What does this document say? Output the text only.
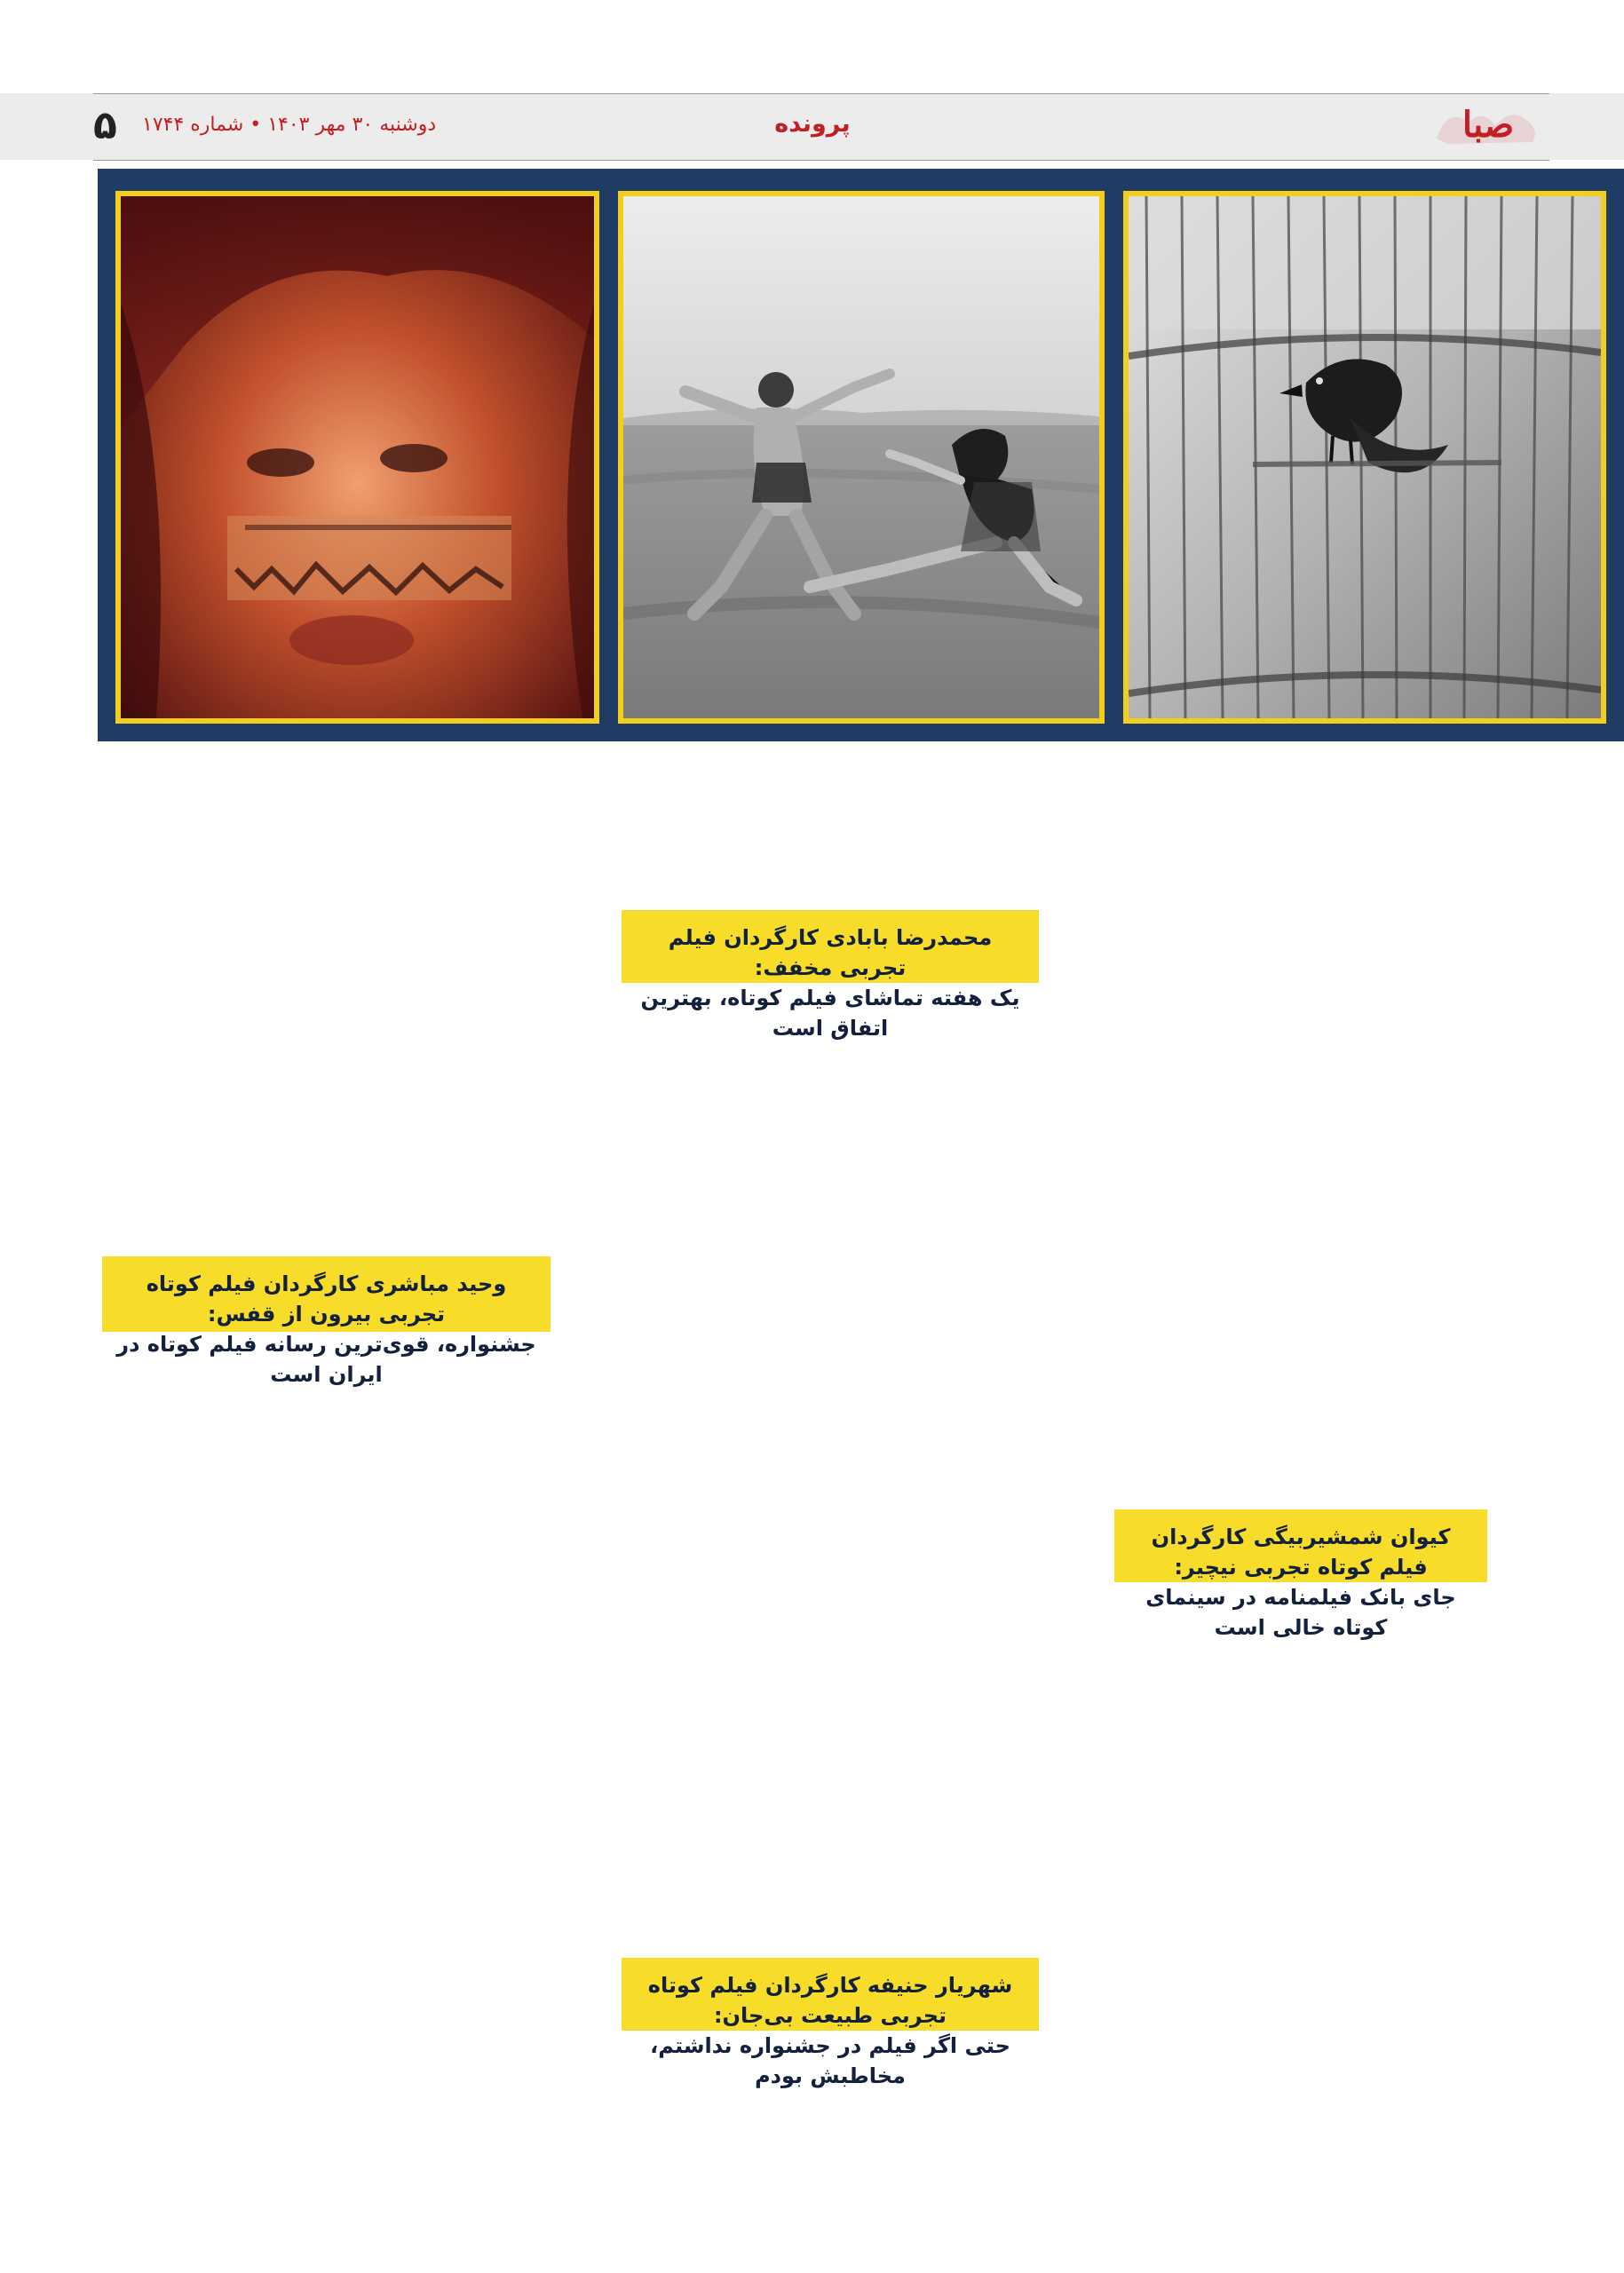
۵ دوشنبه ۳۰ مهر ۱۴۰۳ • شماره ۱۷۴۴	پرونده	صبا
وحید مباشری کارگردان فیلم کوتاه تجربی بیرون از قفس:
جشنواره، قوی‌ترین رسانه فیلم کوتاه در ایران است
محمدرضا بابادی کارگردان فیلم تجربی مخفف:
یک هفته تماشای فیلم کوتاه، بهترین اتفاق است
شهریار حنیفه کارگردان فیلم کوتاه تجربی طبیعت بی‌جان:
حتی اگر فیلم در جشنواره نداشتم، مخاطبش بودم
کیوان شمشیربیگی کارگردان فیلم کوتاه تجربی نیچیر:
جای بانک فیلمنامه در سینمای کوتاه خالی است
